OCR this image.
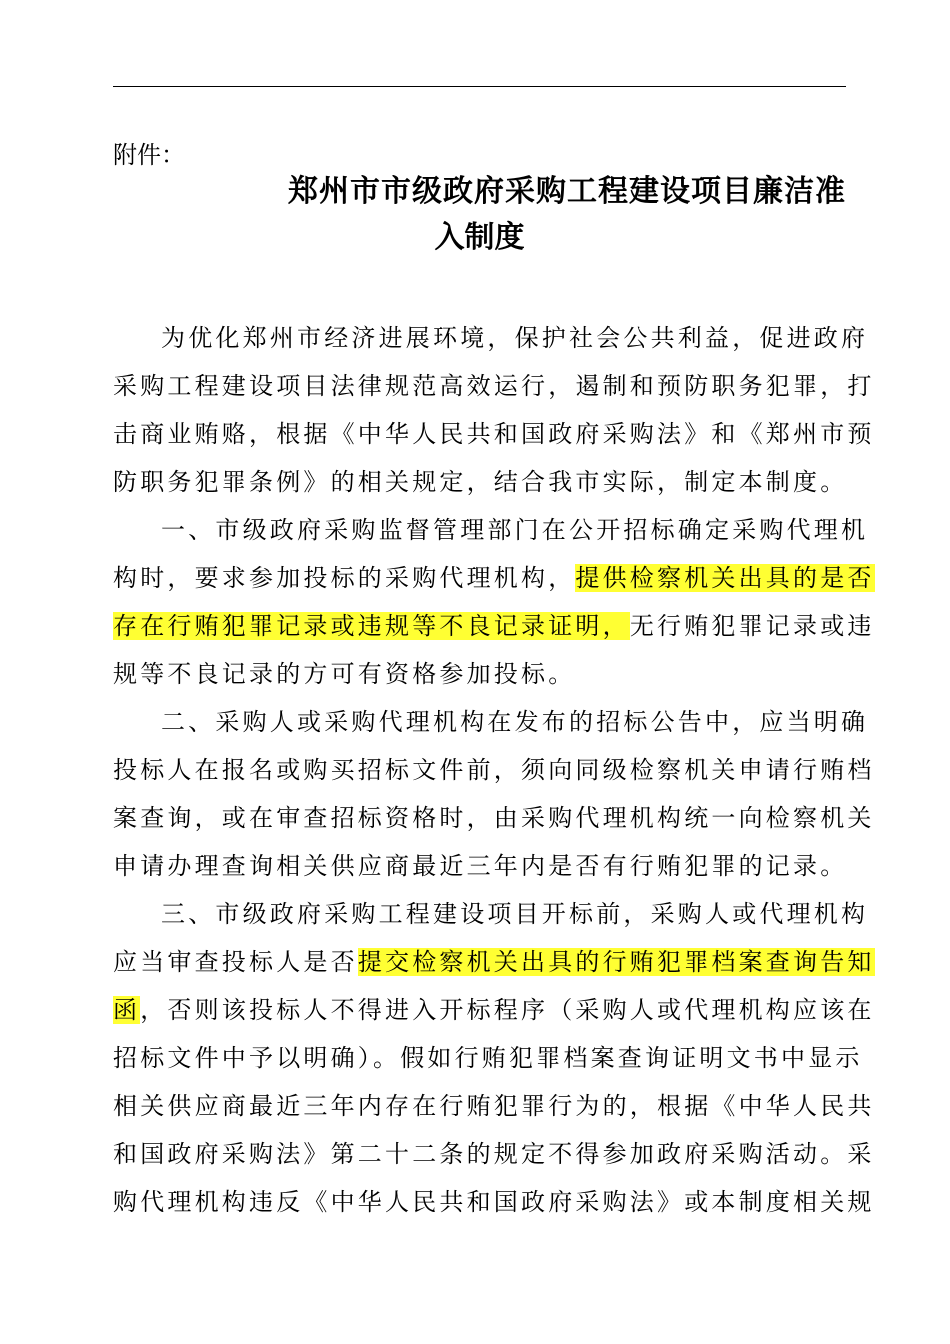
附件：
郑州市市级政府采购工程建设项目廉洁准
入制度
为优化郑州市经济进展环境，保护社会公共利益，促进政府
采购工程建设项目法律规范高效运行，遏制和预防职务犯罪，打
击商业贿赂，根据《中华人民共和国政府采购法》和《郑州市预
防职务犯罪条例》的相关规定，结合我市实际，制定本制度。
一、市级政府采购监督管理部门在公开招标确定采购代理机
构时，要求参加投标的采购代理机构，提供检察机关出具的是否
存在行贿犯罪记录或违规等不良记录证明，无行贿犯罪记录或违
规等不良记录的方可有资格参加投标。
二、采购人或采购代理机构在发布的招标公告中，应当明确
投标人在报名或购买招标文件前，须向同级检察机关申请行贿档
案查询，或在审查招标资格时，由采购代理机构统一向检察机关
申请办理查询相关供应商最近三年内是否有行贿犯罪的记录。
三、市级政府采购工程建设项目开标前，采购人或代理机构
应当审查投标人是否提交检察机关出具的行贿犯罪档案查询告知
函，否则该投标人不得进入开标程序（采购人或代理机构应该在
招标文件中予以明确）。假如行贿犯罪档案查询证明文书中显示
相关供应商最近三年内存在行贿犯罪行为的，根据《中华人民共
和国政府采购法》第二十二条的规定不得参加政府采购活动。采
购代理机构违反《中华人民共和国政府采购法》或本制度相关规
